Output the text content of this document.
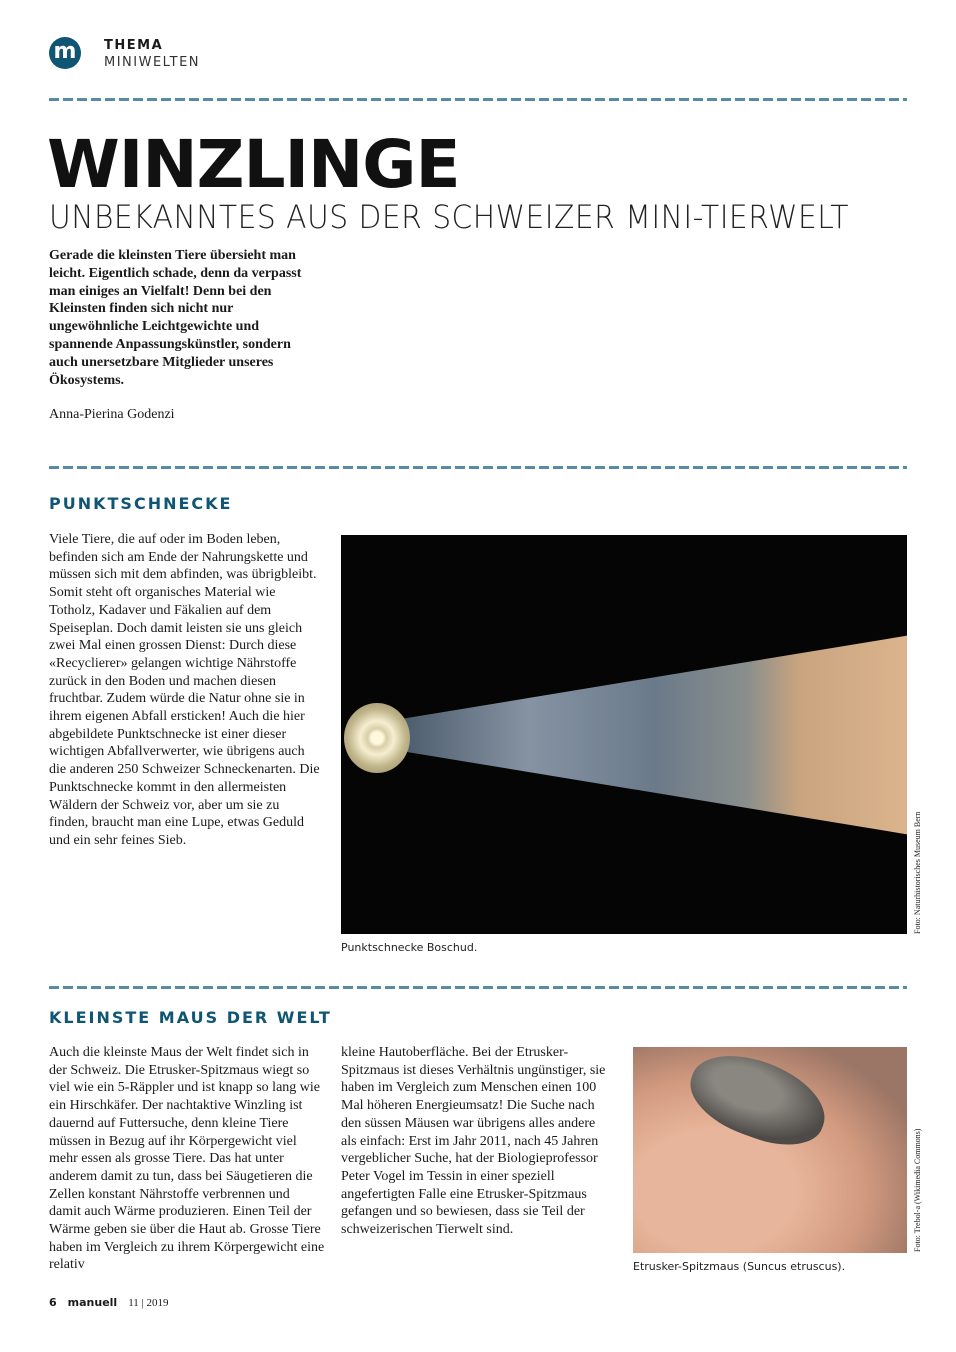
m	THEMA
MINIWELTEN
WINZLINGE
UNBEKANNTES AUS DER SCHWEIZER MINI-TIERWELT

Gerade die kleinsten Tiere übersieht man leicht. Eigentlich schade, denn da verpasst man einiges an Vielfalt! Denn bei den Kleinsten finden sich nicht nur ungewöhnliche Leichtgewichte und spannende Anpassungskünstler, sondern auch unersetzbare Mitglieder unseres Ökosystems.

Anna-Pierina Godenzi
PUNKTSCHNECKE

Viele Tiere, die auf oder im Boden leben, befinden sich am Ende der Nahrungskette und müssen sich mit dem abfinden, was übrigbleibt. Somit steht oft organisches Material wie Totholz, Kadaver und Fäkalien auf dem Speiseplan. Doch damit leisten sie uns gleich zwei Mal einen grossen Dienst: Durch diese «Recyclierer» gelangen wichtige Nährstoffe zurück in den Boden und machen diesen fruchtbar. Zudem würde die Natur ohne sie in ihrem eigenen Abfall ersticken! Auch die hier abgebildete Punktschnecke ist einer dieser wichtigen Abfallverwerter, wie übrigens auch die anderen 250 Schweizer Schneckenarten. Die Punktschnecke kommt in den allermeisten Wäldern der Schweiz vor, aber um sie zu finden, braucht man eine Lupe, etwas Geduld und ein sehr feines Sieb.

Punktschnecke Boschud.
Foto: Naturhistorisches Museum Bern
KLEINSTE MAUS DER WELT

Auch die kleinste Maus der Welt findet sich in der Schweiz. Die Etrusker-Spitzmaus wiegt so viel wie ein 5-Räppler und ist knapp so lang wie ein Hirschkäfer. Der nachtaktive Winzling ist dauernd auf Futtersuche, denn kleine Tiere müssen in Bezug auf ihr Körpergewicht viel mehr essen als grosse Tiere. Das hat unter anderem damit zu tun, dass bei Säugetieren die Zellen konstant Nährstoffe verbrennen und damit auch Wärme produzieren. Einen Teil der Wärme geben sie über die Haut ab. Grosse Tiere haben im Vergleich zu ihrem Körpergewicht eine relativ

kleine Hautoberfläche. Bei der Etrusker-Spitzmaus ist dieses Verhältnis ungünstiger, sie haben im Vergleich zum Menschen einen 100 Mal höheren Energieumsatz! Die Suche nach den süssen Mäusen war übrigens alles andere als einfach: Erst im Jahr 2011, nach 45 Jahren vergeblicher Suche, hat der Biologieprofessor Peter Vogel im Tessin in einer speziell angefertigten Falle eine Etrusker-Spitzmaus gefangen und so bewiesen, dass sie Teil der schweizerischen Tierwelt sind.

Etrusker-Spitzmaus (Suncus etruscus).
Foto: Trebol-a (Wikimedia Commons)
6 manuell 11 | 2019
